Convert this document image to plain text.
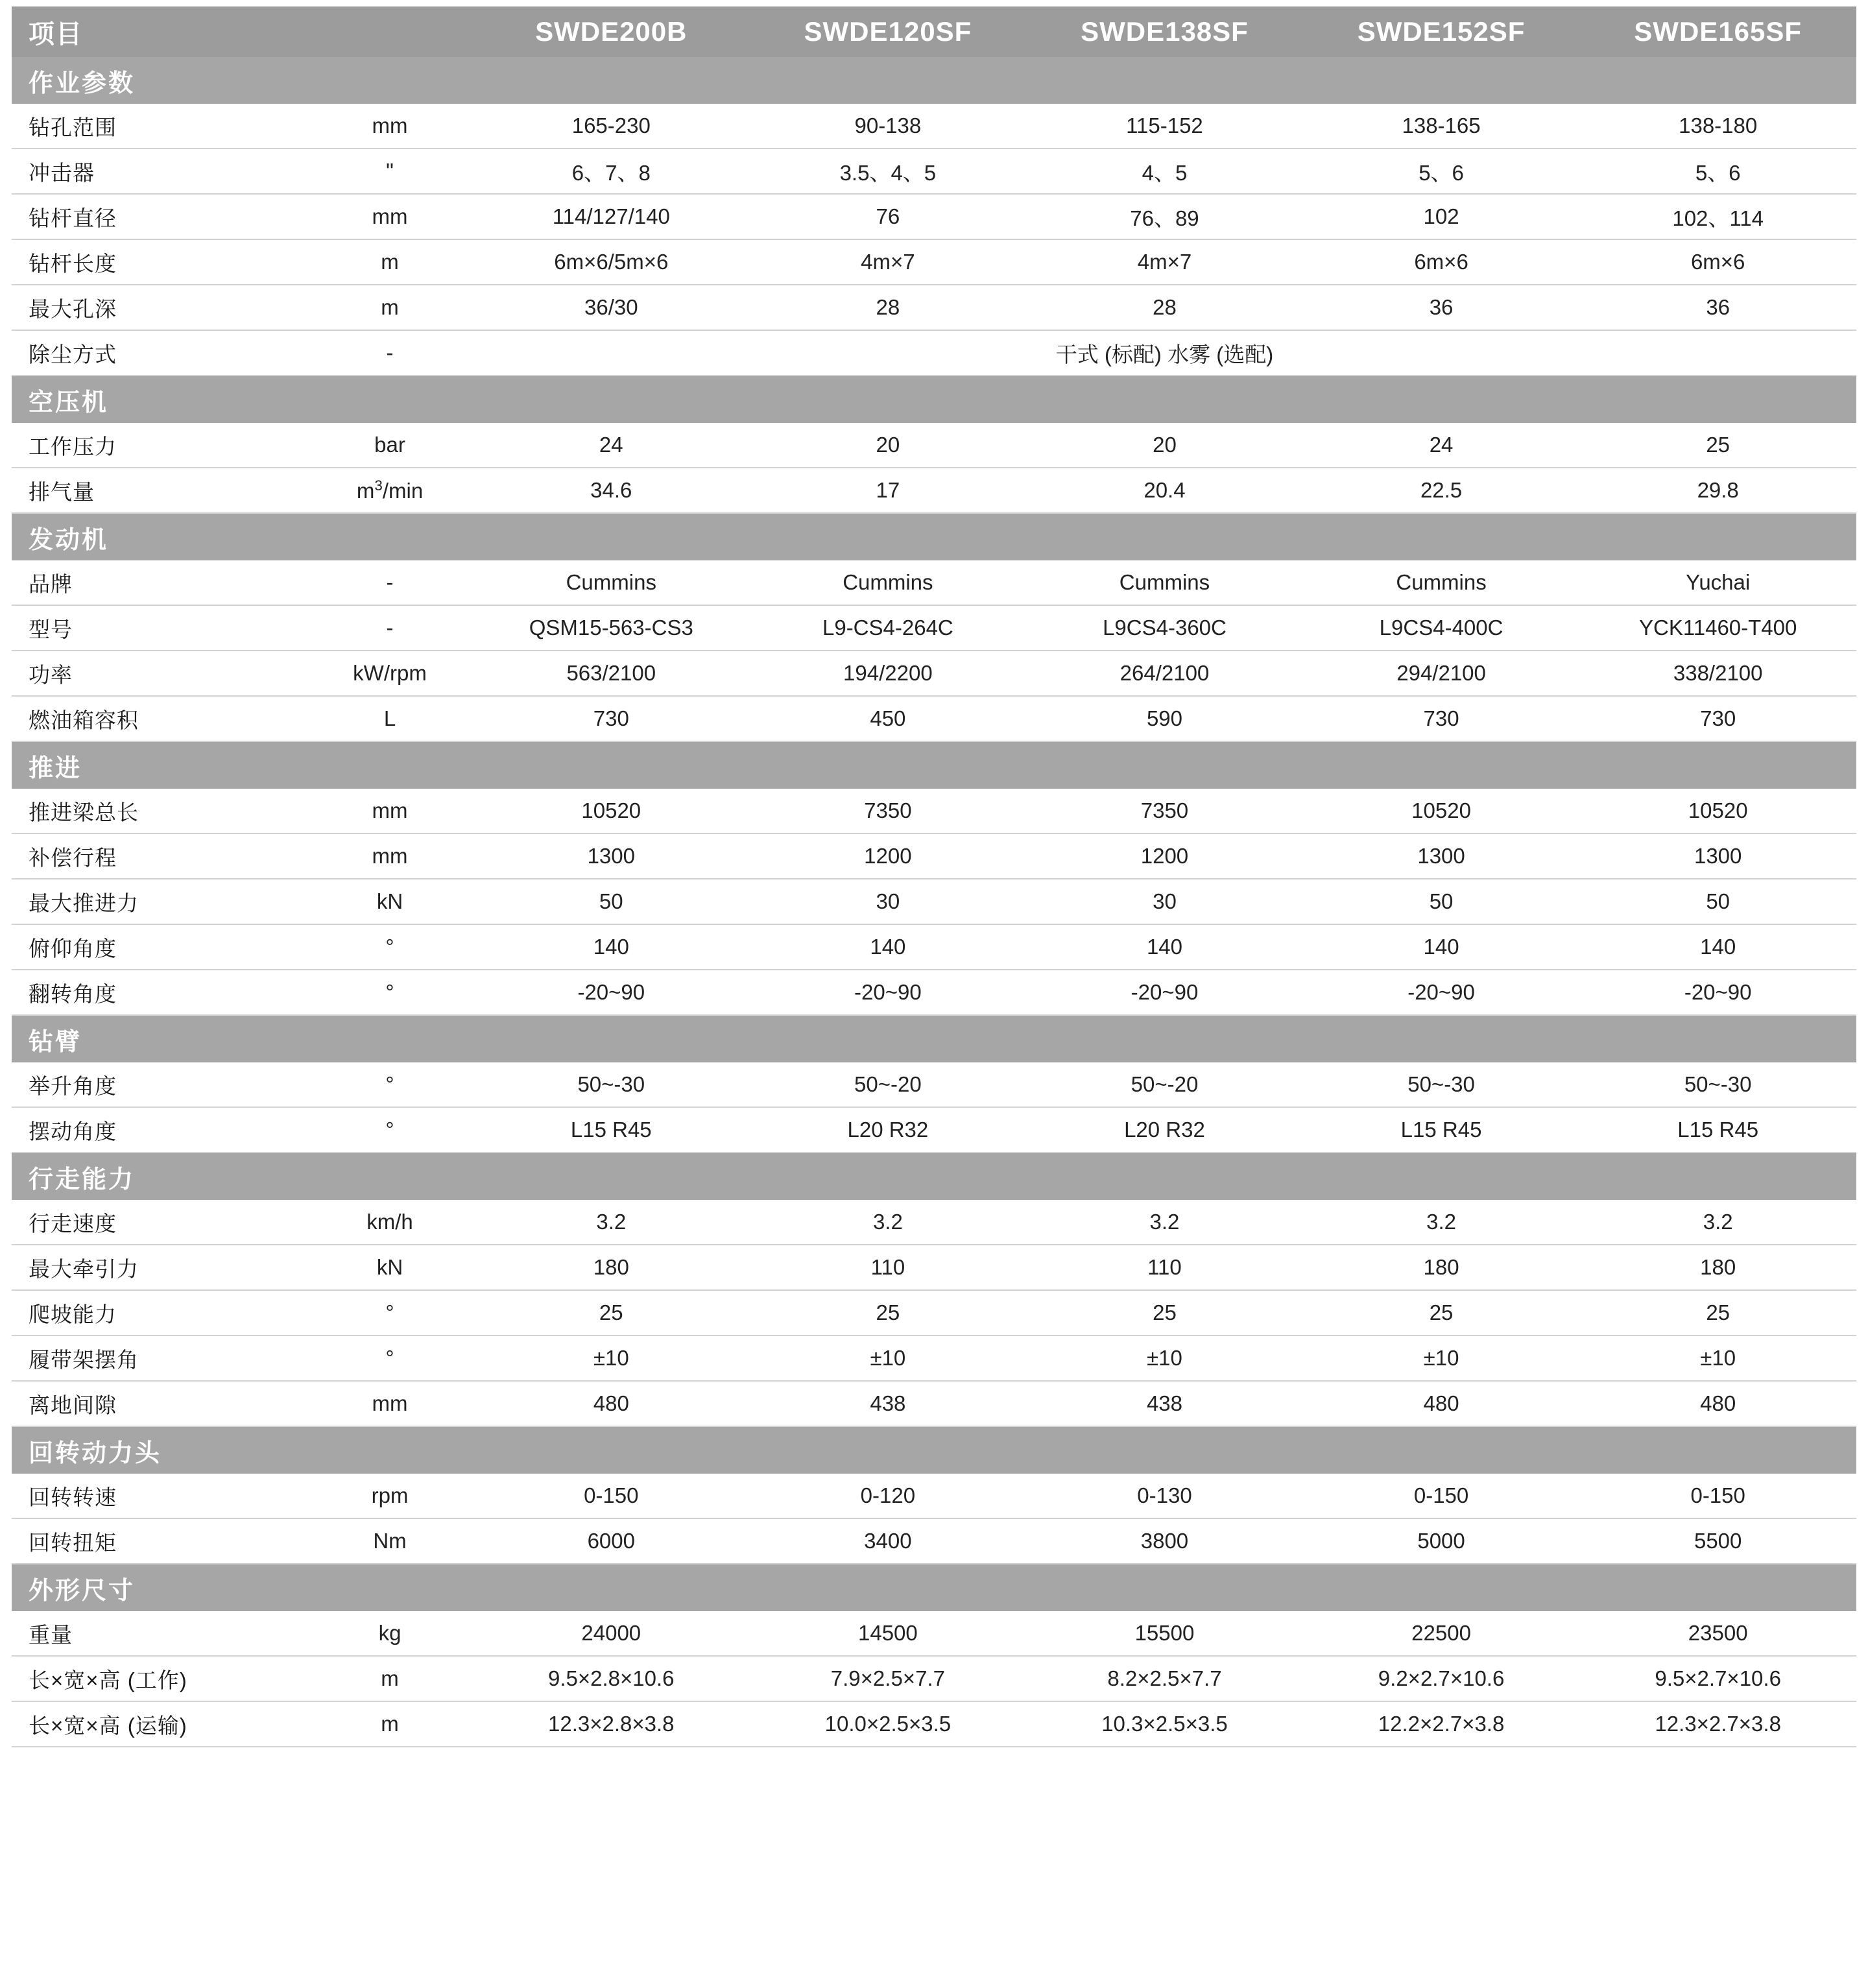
项目		SWDE200B	SWDE120SF	SWDE138SF	SWDE152SF	SWDE165SF
作业参数						
钻孔范围	mm	165-230	90-138	115-152	138-165	138-180
冲击器	"	6、7、8	3.5、4、5	4、5	5、6	5、6
钻杆直径	mm	114/127/140	76	76、89	102	102、114
钻杆长度	m	6m×6/5m×6	4m×7	4m×7	6m×6	6m×6
最大孔深	m	36/30	28	28	36	36
除尘方式	-	干式 (标配) 水雾 (选配)				
空压机						
工作压力	bar	24	20	20	24	25
排气量	$m^3/\min$	34.6	17	20.4	22.5	29.8
发动机						
品牌	-	Cummins	Cummins	Cummins	Cummins	Yuchai
型号	-	QSM15-563-CS3	L9-CS4-264C	L9CS4-360C	L9CS4-400C	YCK11460-T400
功率	kW/rpm	563/2100	194/2200	264/2100	294/2100	338/2100
燃油箱容积	L	730	450	590	730	730
推进						
推进梁总长	mm	10520	7350	7350	10520	10520
补偿行程	mm	1300	1200	1200	1300	1300
最大推进力	kN	50	30	30	50	50
俯仰角度	°	140	140	140	140	140
翻转角度	°	-20~90	-20~90	-20~90	-20~90	-20~90
钻臂						
举升角度	°	50~-30	50~-20	50~-20	50~-30	50~-30
摆动角度	°	L15 R45	L20 R32	L20 R32	L15 R45	L15 R45
行走能力						
行走速度	km/h	3.2	3.2	3.2	3.2	3.2
最大牵引力	kN	180	110	110	180	180
爬坡能力	°	25	25	25	25	25
履带架摆角	°	±10	±10	±10	±10	±10
离地间隙	mm	480	438	438	480	480
回转动力头						
回转转速	rpm	0-150	0-120	0-130	0-150	0-150
回转扭矩	Nm	6000	3400	3800	5000	5500
外形尺寸						
重量	kg	24000	14500	15500	22500	23500
长×宽×高 (工作)	m	9.5×2.8×10.6	7.9×2.5×7.7	8.2×2.5×7.7	9.2×2.7×10.6	9.5×2.7×10.6
长×宽×高 (运输)	m	12.3×2.8×3.8	10.0×2.5×3.5	10.3×2.5×3.5	12.2×2.7×3.8	12.3×2.7×3.8
